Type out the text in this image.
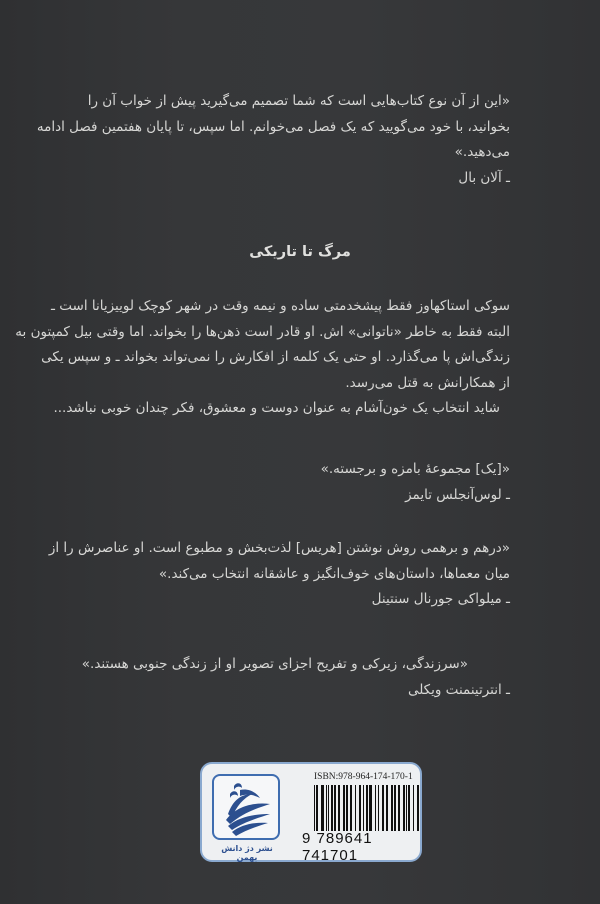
«این از آن نوع کتاب‌هایی است که شما تصمیم می‌گیرید پیش از خواب آن را
بخوانید، با خود می‌گویید که یک فصل می‌خوانم. اما سپس، تا پایان هفتمین فصل ادامه
می‌دهید.»
ـ آلان بال
مرگ تا تاریکی
سوکی استاکهاوز فقط پیشخدمتی ساده و نیمه وقت در شهر کوچک لوییزیانا است ـ
البته فقط به خاطر «ناتوانی» اش. او قادر است ذهن‌ها را بخواند. اما وقتی بیل کمپتون به
زندگی‌اش پا می‌گذارد. او حتی یک کلمه از افکارش را نمی‌تواند بخواند ـ و سپس یکی
از همکارانش به قتل می‌رسد.
شاید انتخاب یک خون‌آشام به عنوان دوست و معشوق، فکر چندان خوبی نباشد...
«[یک] مجموعهٔ بامزه و برجسته.»
ـ لوس‌آنجلس تایمز
«درهم و برهمی روش نوشتن [هریس] لذت‌بخش و مطبوع است. او عناصرش را از
میان معماها، داستان‌های خوف‌انگیز و عاشقانه انتخاب می‌کند.»
ـ میلواکی جورنال سنتینل
«سرزندگی، زیرکی و تفریح اجزای تصویر او از زندگی جنوبی هستند.»
ـ انترتینمنت ویکلی
نشر دژ دانش بهمن
ISBN:978-964-174-170-1
9 789641 741701
